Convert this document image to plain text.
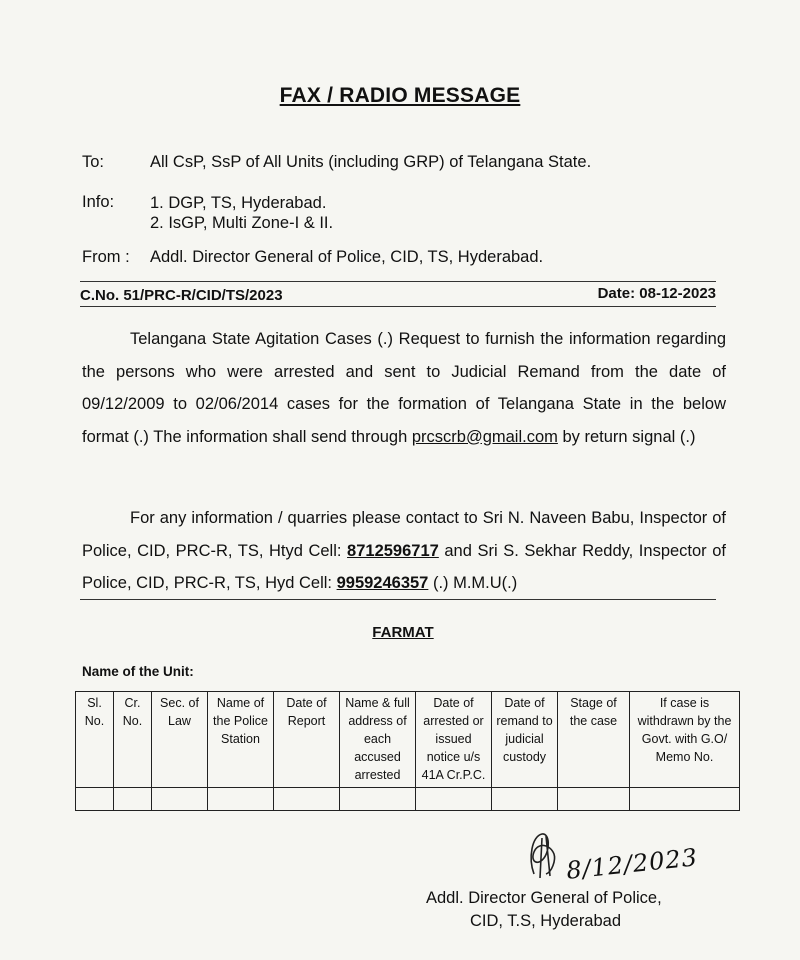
FAX / RADIO MESSAGE
To:	All CsP, SsP of All Units (including GRP) of Telangana State.
Info: 1. DGP, TS, Hyderabad.
2. IsGP, Multi Zone-I & II.
From : Addl. Director General of Police, CID, TS, Hyderabad.
C.No. 51/PRC-R/CID/TS/2023	Date: 08-12-2023
Telangana State Agitation Cases (.) Request to furnish the information regarding the persons who were arrested and sent to Judicial Remand from the date of 09/12/2009 to 02/06/2014 cases for the formation of Telangana State in the below format (.) The information shall send through prcscrb@gmail.com by return signal (.)
For any information / quarries please contact to Sri N. Naveen Babu, Inspector of Police, CID, PRC-R, TS, Htyd Cell: 8712596717 and Sri S. Sekhar Reddy, Inspector of Police, CID, PRC-R, TS, Hyd Cell: 9959246357 (.) M.M.U(.)
FARMAT
Name of the Unit:
Sl. No.	Cr. No.	Sec. of Law	Name of the Police Station	Date of Report	Name & full address of each accused arrested	Date of arrested or issued notice u/s 41A Cr.P.C.	Date of remand to judicial custody	Stage of the case	If case is withdrawn by the Govt. with G.O/ Memo No.

8/12/2023
Addl. Director General of Police,
CID, T.S, Hyderabad
